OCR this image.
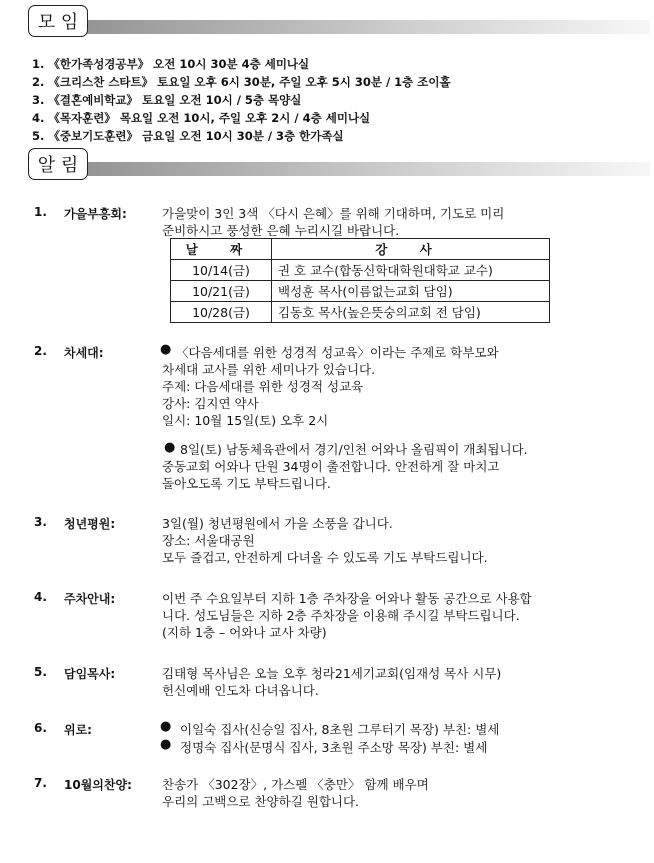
모 임
1. 《한가족성경공부》 오전 10시 30분 4층 세미나실
2. 《크리스찬 스타트》 토요일 오후 6시 30분, 주일 오후 5시 30분 / 1층 조이홀
3. 《결혼예비학교》 토요일 오전 10시 / 5층 목양실
4. 《목자훈련》 목요일 오전 10시, 주일 오후 2시 / 4층 세미나실
5. 《중보기도훈련》 금요일 오전 10시 30분 / 3층 한가족실
알 림
1. 가을부흥회:	가을맞이 3인 3색 〈다시 은혜〉를 위해 기대하며, 기도로 미리
준비하시고 풍성한 은혜 누리시길 바랍니다.
날 짜	강 사
10/14(금)	권 호 교수(합동신학대학원대학교 교수)
10/21(금)	백성훈 목사(이름없는교회 담임)
10/28(금)	김동호 목사(높은뜻숭의교회 전 담임)
2. 차세대:	● 〈다음세대를 위한 성경적 성교육〉이라는 주제로 학부모와
차세대 교사를 위한 세미나가 있습니다.
주제: 다음세대를 위한 성경적 성교육
강사: 김지연 약사
일시: 10월 15일(토) 오후 2시
● 8일(토) 남동체육관에서 경기/인천 어와나 올림픽이 개최됩니다.
중동교회 어와나 단원 34명이 출전합니다. 안전하게 잘 마치고
돌아오도록 기도 부탁드립니다.
3. 청년평원:	3일(월) 청년평원에서 가을 소풍을 갑니다.
장소: 서울대공원
모두 즐겁고, 안전하게 다녀올 수 있도록 기도 부탁드립니다.
4. 주차안내:	이번 주 수요일부터 지하 1층 주차장을 어와나 활동 공간으로 사용합
니다. 성도님들은 지하 2층 주차장을 이용해 주시길 부탁드립니다.
(지하 1층 – 어와나 교사 차량)
5. 담임목사:	김태형 목사님은 오늘 오후 청라21세기교회(임재성 목사 시무)
헌신예배 인도차 다녀옵니다.
6. 위로:	● 이일숙 집사(신승일 집사, 8초원 그루터기 목장) 부친: 별세
● 정명숙 집사(문명식 집사, 3초원 주소망 목장) 부친: 별세
7. 10월의찬양: 찬송가 〈302장〉, 가스펠 〈충만〉 함께 배우며
우리의 고백으로 찬양하길 원합니다.
